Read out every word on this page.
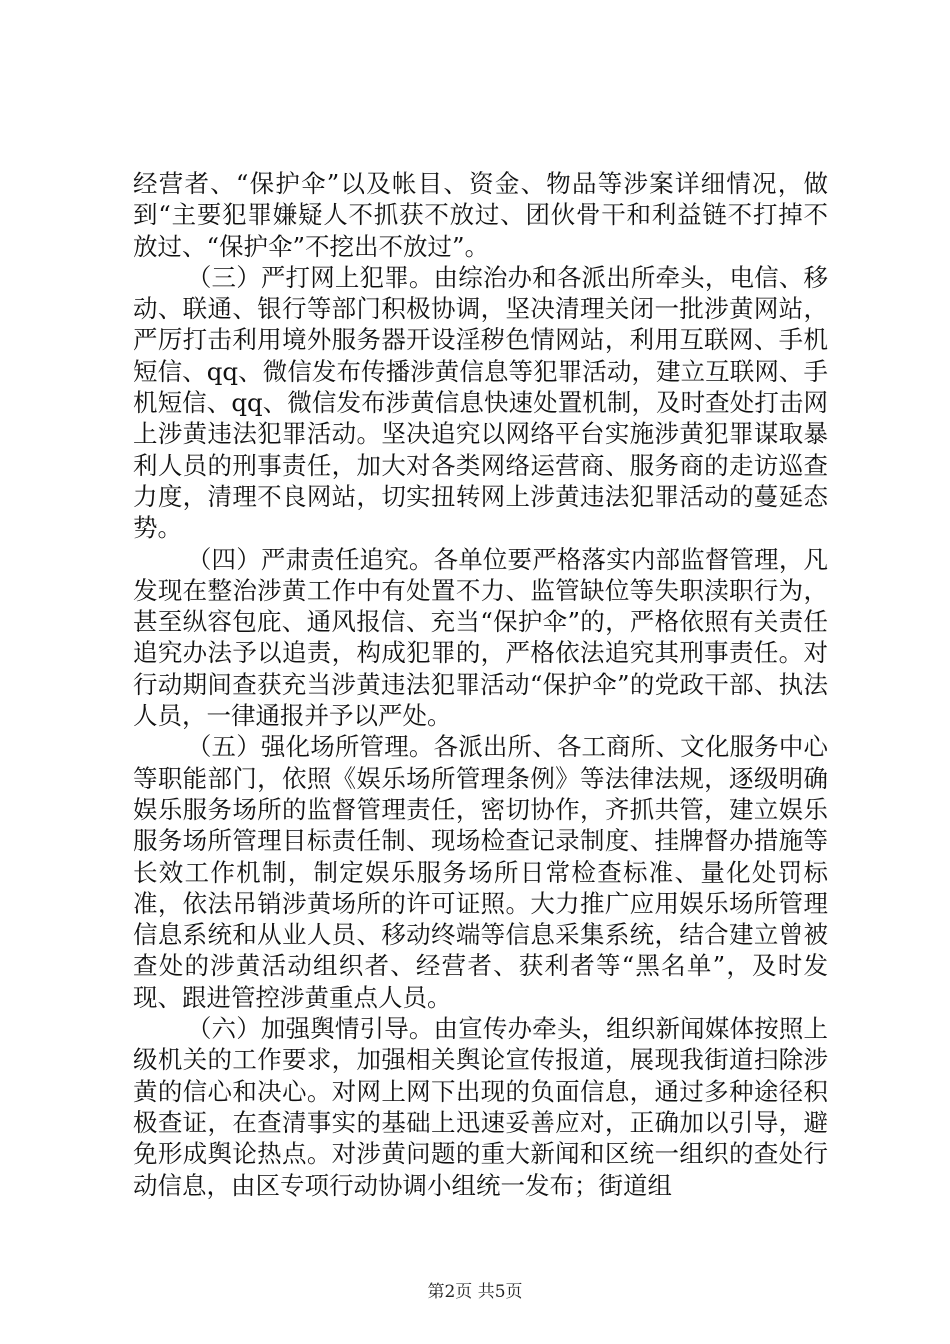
经营者、“保护伞”以及帐目、资金、物品等涉案详细情况，做到“主要犯罪嫌疑人不抓获不放过、团伙骨干和利益链不打掉不放过、“保护伞”不挖出不放过”。

（三）严打网上犯罪。由综治办和各派出所牵头，电信、移动、联通、银行等部门积极协调，坚决清理关闭一批涉黄网站，严厉打击利用境外服务器开设淫秽色情网站，利用互联网、手机短信、qq、微信发布传播涉黄信息等犯罪活动，建立互联网、手机短信、qq、微信发布涉黄信息快速处置机制，及时查处打击网上涉黄违法犯罪活动。坚决追究以网络平台实施涉黄犯罪谋取暴利人员的刑事责任，加大对各类网络运营商、服务商的走访巡查力度，清理不良网站，切实扭转网上涉黄违法犯罪活动的蔓延态势。

（四）严肃责任追究。各单位要严格落实内部监督管理，凡发现在整治涉黄工作中有处置不力、监管缺位等失职渎职行为，甚至纵容包庇、通风报信、充当“保护伞”的，严格依照有关责任追究办法予以追责，构成犯罪的，严格依法追究其刑事责任。对行动期间查获充当涉黄违法犯罪活动“保护伞”的党政干部、执法人员，一律通报并予以严处。

（五）强化场所管理。各派出所、各工商所、文化服务中心等职能部门，依照《娱乐场所管理条例》等法律法规，逐级明确娱乐服务场所的监督管理责任，密切协作，齐抓共管，建立娱乐服务场所管理目标责任制、现场检查记录制度、挂牌督办措施等长效工作机制，制定娱乐服务场所日常检查标准、量化处罚标准，依法吊销涉黄场所的许可证照。大力推广应用娱乐场所管理信息系统和从业人员、移动终端等信息采集系统，结合建立曾被查处的涉黄活动组织者、经营者、获利者等“黑名单”，及时发现、跟进管控涉黄重点人员。

（六）加强舆情引导。由宣传办牵头，组织新闻媒体按照上级机关的工作要求，加强相关舆论宣传报道，展现我街道扫除涉黄的信心和决心。对网上网下出现的负面信息，通过多种途径积极查证，在查清事实的基础上迅速妥善应对，正确加以引导，避免形成舆论热点。对涉黄问题的重大新闻和区统一组织的查处行动信息，由区专项行动协调小组统一发布；街道组

第2页 共5页
